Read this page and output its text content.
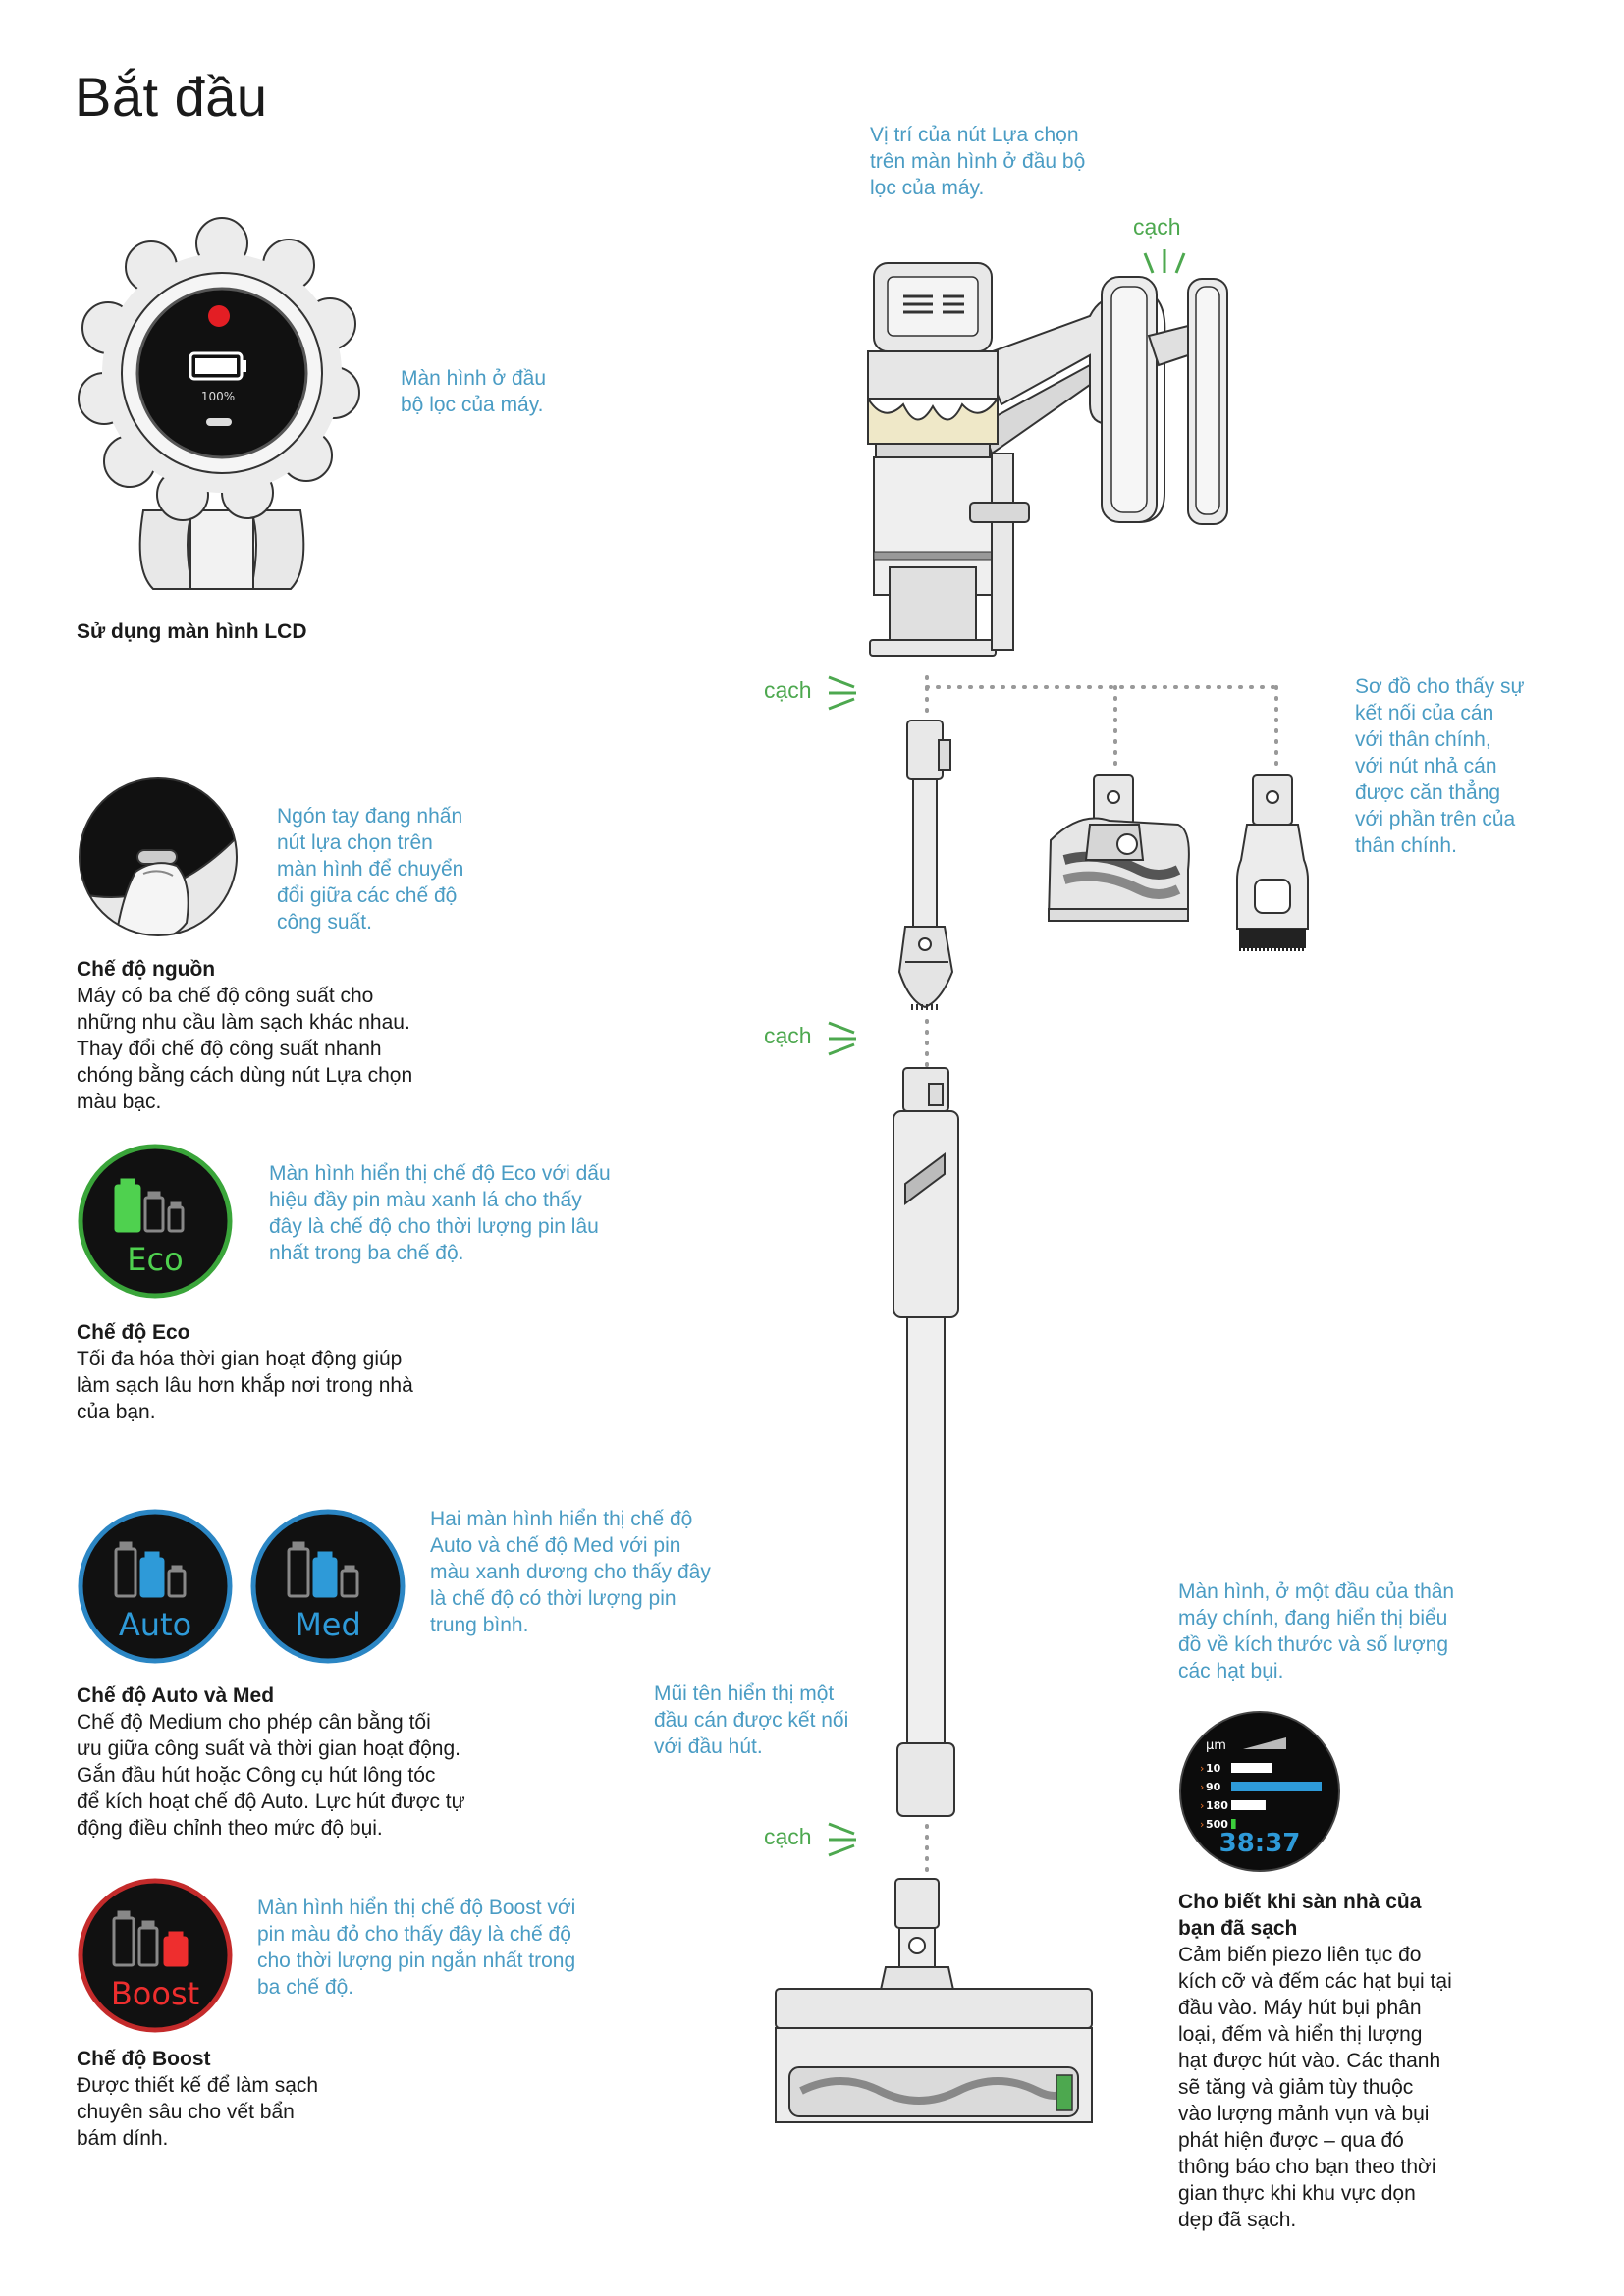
Bắt đầu
100%
Màn hình ở đầu
bộ lọc của máy.
Sử dụng màn hình LCD
Ngón tay đang nhấn
nút lựa chọn trên
màn hình để chuyển
đổi giữa các chế độ
công suất.
Chế độ nguồn
Máy có ba chế độ công suất cho
những nhu cầu làm sạch khác nhau.
Thay đổi chế độ công suất nhanh
chóng bằng cách dùng nút Lựa chọn
màu bạc.
Eco
Màn hình hiển thị chế độ Eco với dấu
hiệu đầy pin màu xanh lá cho thấy
đây là chế độ cho thời lượng pin lâu
nhất trong ba chế độ.
Chế độ Eco
Tối đa hóa thời gian hoạt động giúp
làm sạch lâu hơn khắp nơi trong nhà
của bạn.
Auto	Med
Hai màn hình hiển thị chế độ
Auto và chế độ Med với pin
màu xanh dương cho thấy đây
là chế độ có thời lượng pin
trung bình.
Chế độ Auto và Med
Chế độ Medium cho phép cân bằng tối
ưu giữa công suất và thời gian hoạt động.
Gắn đầu hút hoặc Công cụ hút lông tóc
để kích hoạt chế độ Auto. Lực hút được tự
động điều chỉnh theo mức độ bụi.
Boost
Màn hình hiển thị chế độ Boost với
pin màu đỏ cho thấy đây là chế độ
cho thời lượng pin ngắn nhất trong
ba chế độ.
Chế độ Boost
Được thiết kế để làm sạch
chuyên sâu cho vết bẩn
bám dính.
Vị trí của nút Lựa chọn
trên màn hình ở đầu bộ
lọc của máy.
cạch
cạch
cạch
cạch
Sơ đồ cho thấy sự
kết nối của cán
với thân chính,
với nút nhả cán
được căn thẳng
với phần trên của
thân chính.
Mũi tên hiển thị một
đầu cán được kết nối
với đầu hút.
Màn hình, ở một đầu của thân
máy chính, đang hiển thị biểu
đồ về kích thước và số lượng
các hạt bụi.
μm
› 10
› 90
› 180
› 500
38:37
Cho biết khi sàn nhà của
bạn đã sạch
Cảm biến piezo liên tục đo
kích cỡ và đếm các hạt bụi tại
đầu vào. Máy hút bụi phân
loại, đếm và hiển thị lượng
hạt được hút vào. Các thanh
sẽ tăng và giảm tùy thuộc
vào lượng mảnh vụn và bụi
phát hiện được – qua đó
thông báo cho bạn theo thời
gian thực khi khu vực dọn
dẹp đã sạch.
